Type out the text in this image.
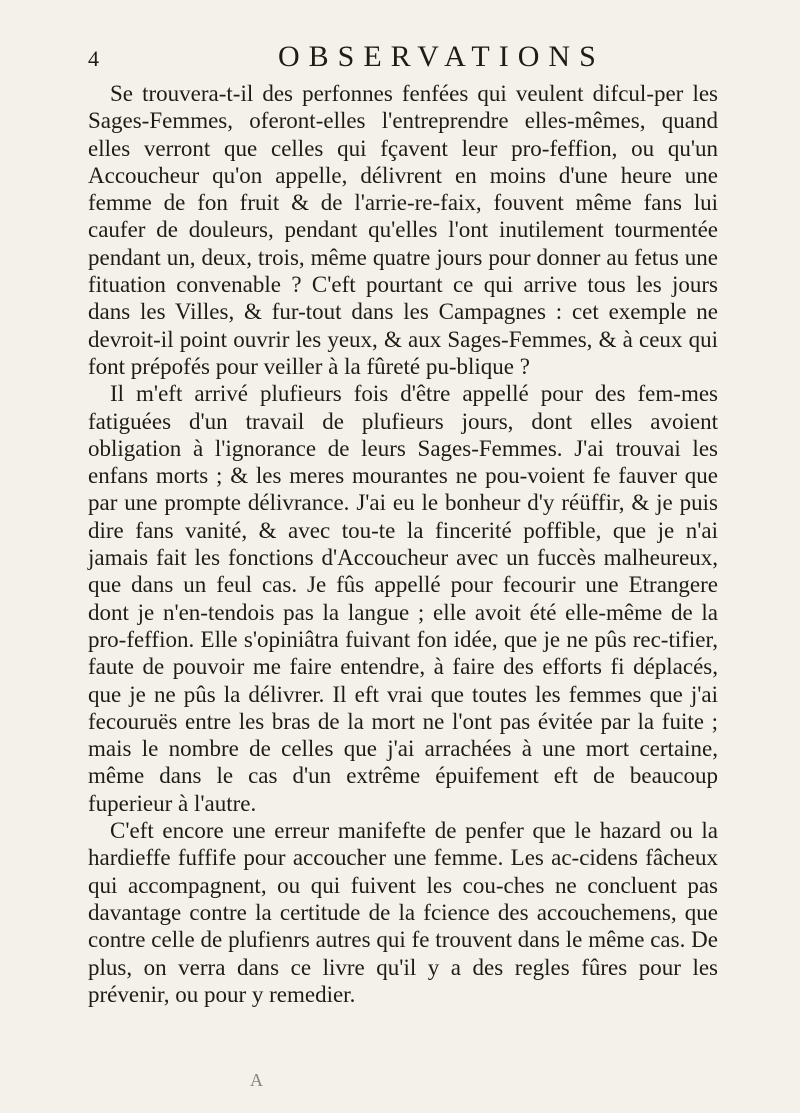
4	OBSERVATIONS

Se trouvera-t-il des perfonnes fenfées qui veulent difcul-per les Sages-Femmes, oferont-elles l'entreprendre elles-mêmes, quand elles verront que celles qui fçavent leur pro-feffion, ou qu'un Accoucheur qu'on appelle, délivrent en moins d'une heure une femme de fon fruit & de l'arrie-re-faix, fouvent même fans lui caufer de douleurs, pendant qu'elles l'ont inutilement tourmentée pendant un, deux, trois, même quatre jours pour donner au fetus une fituation convenable ? C'eft pourtant ce qui arrive tous les jours dans les Villes, & fur-tout dans les Campagnes : cet exemple ne devroit-il point ouvrir les yeux, & aux Sages-Femmes, & à ceux qui font prépofés pour veiller à la fûreté pu-blique ?

Il m'eft arrivé plufieurs fois d'être appellé pour des fem-mes fatiguées d'un travail de plufieurs jours, dont elles avoient obligation à l'ignorance de leurs Sages-Femmes. J'ai trouvai les enfans morts ; & les meres mourantes ne pou-voient fe fauver que par une prompte délivrance. J'ai eu le bonheur d'y réüffir, & je puis dire fans vanité, & avec tou-te la fincerité poffible, que je n'ai jamais fait les fonctions d'Accoucheur avec un fuccès malheureux, que dans un feul cas. Je fûs appellé pour fecourir une Etrangere dont je n'en-tendois pas la langue ; elle avoit été elle-même de la pro-feffion. Elle s'opiniâtra fuivant fon idée, que je ne pûs rec-tifier, faute de pouvoir me faire entendre, à faire des efforts fi déplacés, que je ne pûs la délivrer. Il eft vrai que toutes les femmes que j'ai fecouruës entre les bras de la mort ne l'ont pas évitée par la fuite ; mais le nombre de celles que j'ai arrachées à une mort certaine, même dans le cas d'un extrême épuifement eft de beaucoup fuperieur à l'autre.

C'eft encore une erreur manifefte de penfer que le hazard ou la hardieffe fuffife pour accoucher une femme. Les ac-cidens fâcheux qui accompagnent, ou qui fuivent les cou-ches ne concluent pas davantage contre la certitude de la fcience des accouchemens, que contre celle de plufienrs autres qui fe trouvent dans le même cas. De plus, on verra dans ce livre qu'il y a des regles fûres pour les prévenir, ou pour y remedier.

A
